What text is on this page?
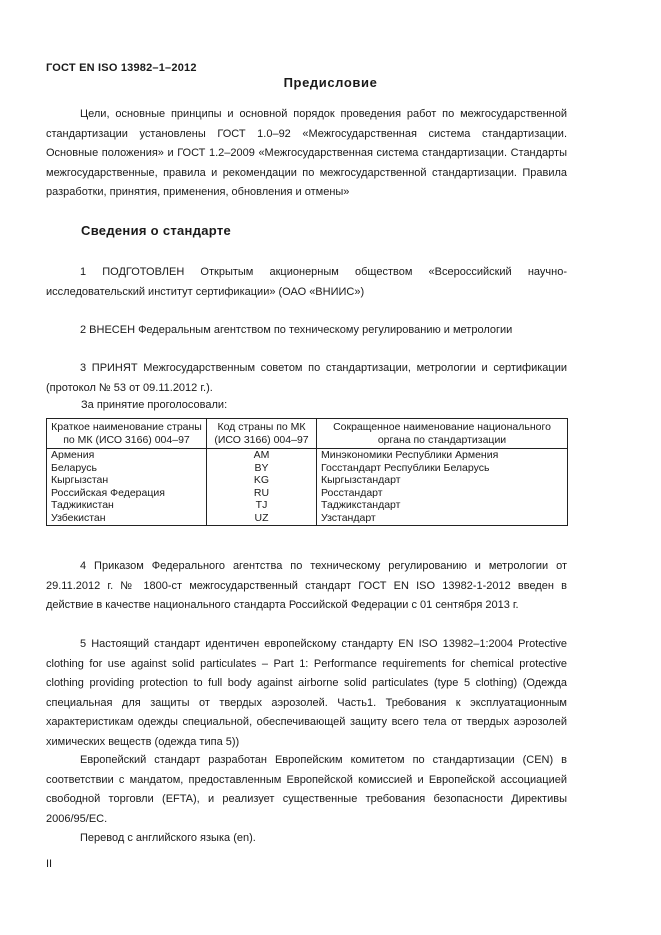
ГОСТ EN ISO 13982–1–2012
Предисловие

Цели, основные принципы и основной порядок проведения работ по межгосударственной стандартизации установлены ГОСТ 1.0–92 «Межгосударственная система стандартизации. Основные положения» и ГОСТ 1.2–2009 «Межгосударственная система стандартизации. Стандарты межгосударственные, правила и рекомендации по межгосударственной стандартизации. Правила разработки, принятия, применения, обновления и отмены»

Сведения о стандарте

1 ПОДГОТОВЛЕН Открытым акционерным обществом «Всероссийский научно-исследовательский институт сертификации» (ОАО «ВНИИС»)

2 ВНЕСЕН Федеральным агентством по техническому регулированию и метрологии

3 ПРИНЯТ Межгосударственным советом по стандартизации, метрологии и сертификации (протокол № 53 от 09.11.2012 г.).

За принятие проголосовали:
Краткое наименование страны по МК (ИСО 3166) 004–97	Код страны по МК (ИСО 3166) 004–97	Сокращенное наименование национального органа по стандартизации
Армения	AM	Минэкономики Республики Армения
Беларусь	BY	Госстандарт Республики Беларусь
Кыргызстан	KG	Кыргызстандарт
Российская Федерация	RU	Росстандарт
Таджикистан	TJ	Таджикстандарт
Узбекистан	UZ	Узстандарт

4 Приказом Федерального агентства по техническому регулированию и метрологии от 29.11.2012 г. № 1800-ст межгосударственный стандарт ГОСТ EN ISO 13982-1-2012 введен в действие в качестве национального стандарта Российской Федерации с 01 сентября 2013 г.

5 Настоящий стандарт идентичен европейскому стандарту EN ISO 13982–1:2004 Protective clothing for use against solid particulates – Part 1: Performance requirements for chemical protective clothing providing protection to full body against airborne solid particulates (type 5 clothing) (Одежда специальная для защиты от твердых аэрозолей. Часть1. Требования к эксплуатационным характеристикам одежды специальной, обеспечивающей защиту всего тела от твердых аэрозолей химических веществ (одежда типа 5))

Европейский стандарт разработан Европейским комитетом по стандартизации (CEN) в соответствии с мандатом, предоставленным Европейской комиссией и Европейской ассоциацией свободной торговли (EFTA), и реализует существенные требования безопасности Директивы 2006/95/EC.

Перевод с английского языка (en).

II
